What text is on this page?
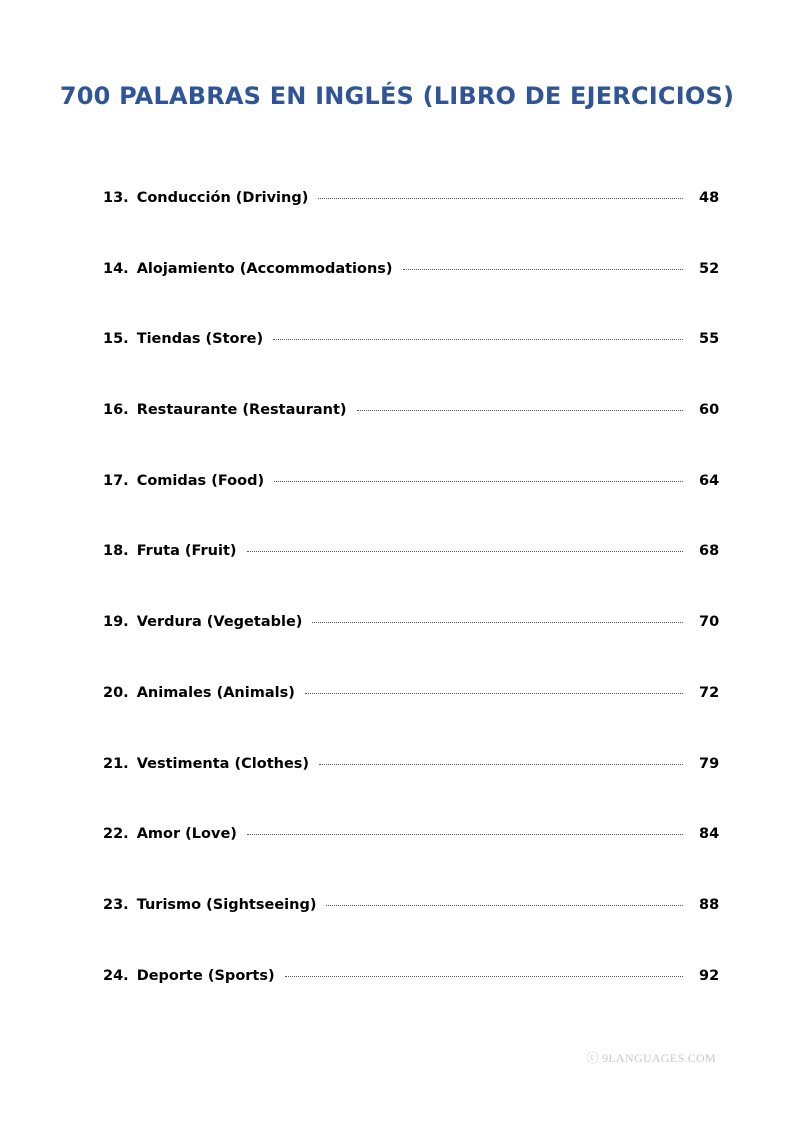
700 PALABRAS EN INGLÉS (LIBRO DE EJERCICIOS)
13. Conducción (Driving)	48
14. Alojamiento (Accommodations)	52
15. Tiendas (Store)	55
16. Restaurante (Restaurant)	60
17. Comidas (Food)	64
18. Fruta (Fruit)	68
19. Verdura (Vegetable)	70
20. Animales (Animals)	72
21. Vestimenta (Clothes)	79
22. Amor (Love)	84
23. Turismo (Sightseeing)	88
24. Deporte (Sports)	92
ⓒ 9LANGUAGES.COM
